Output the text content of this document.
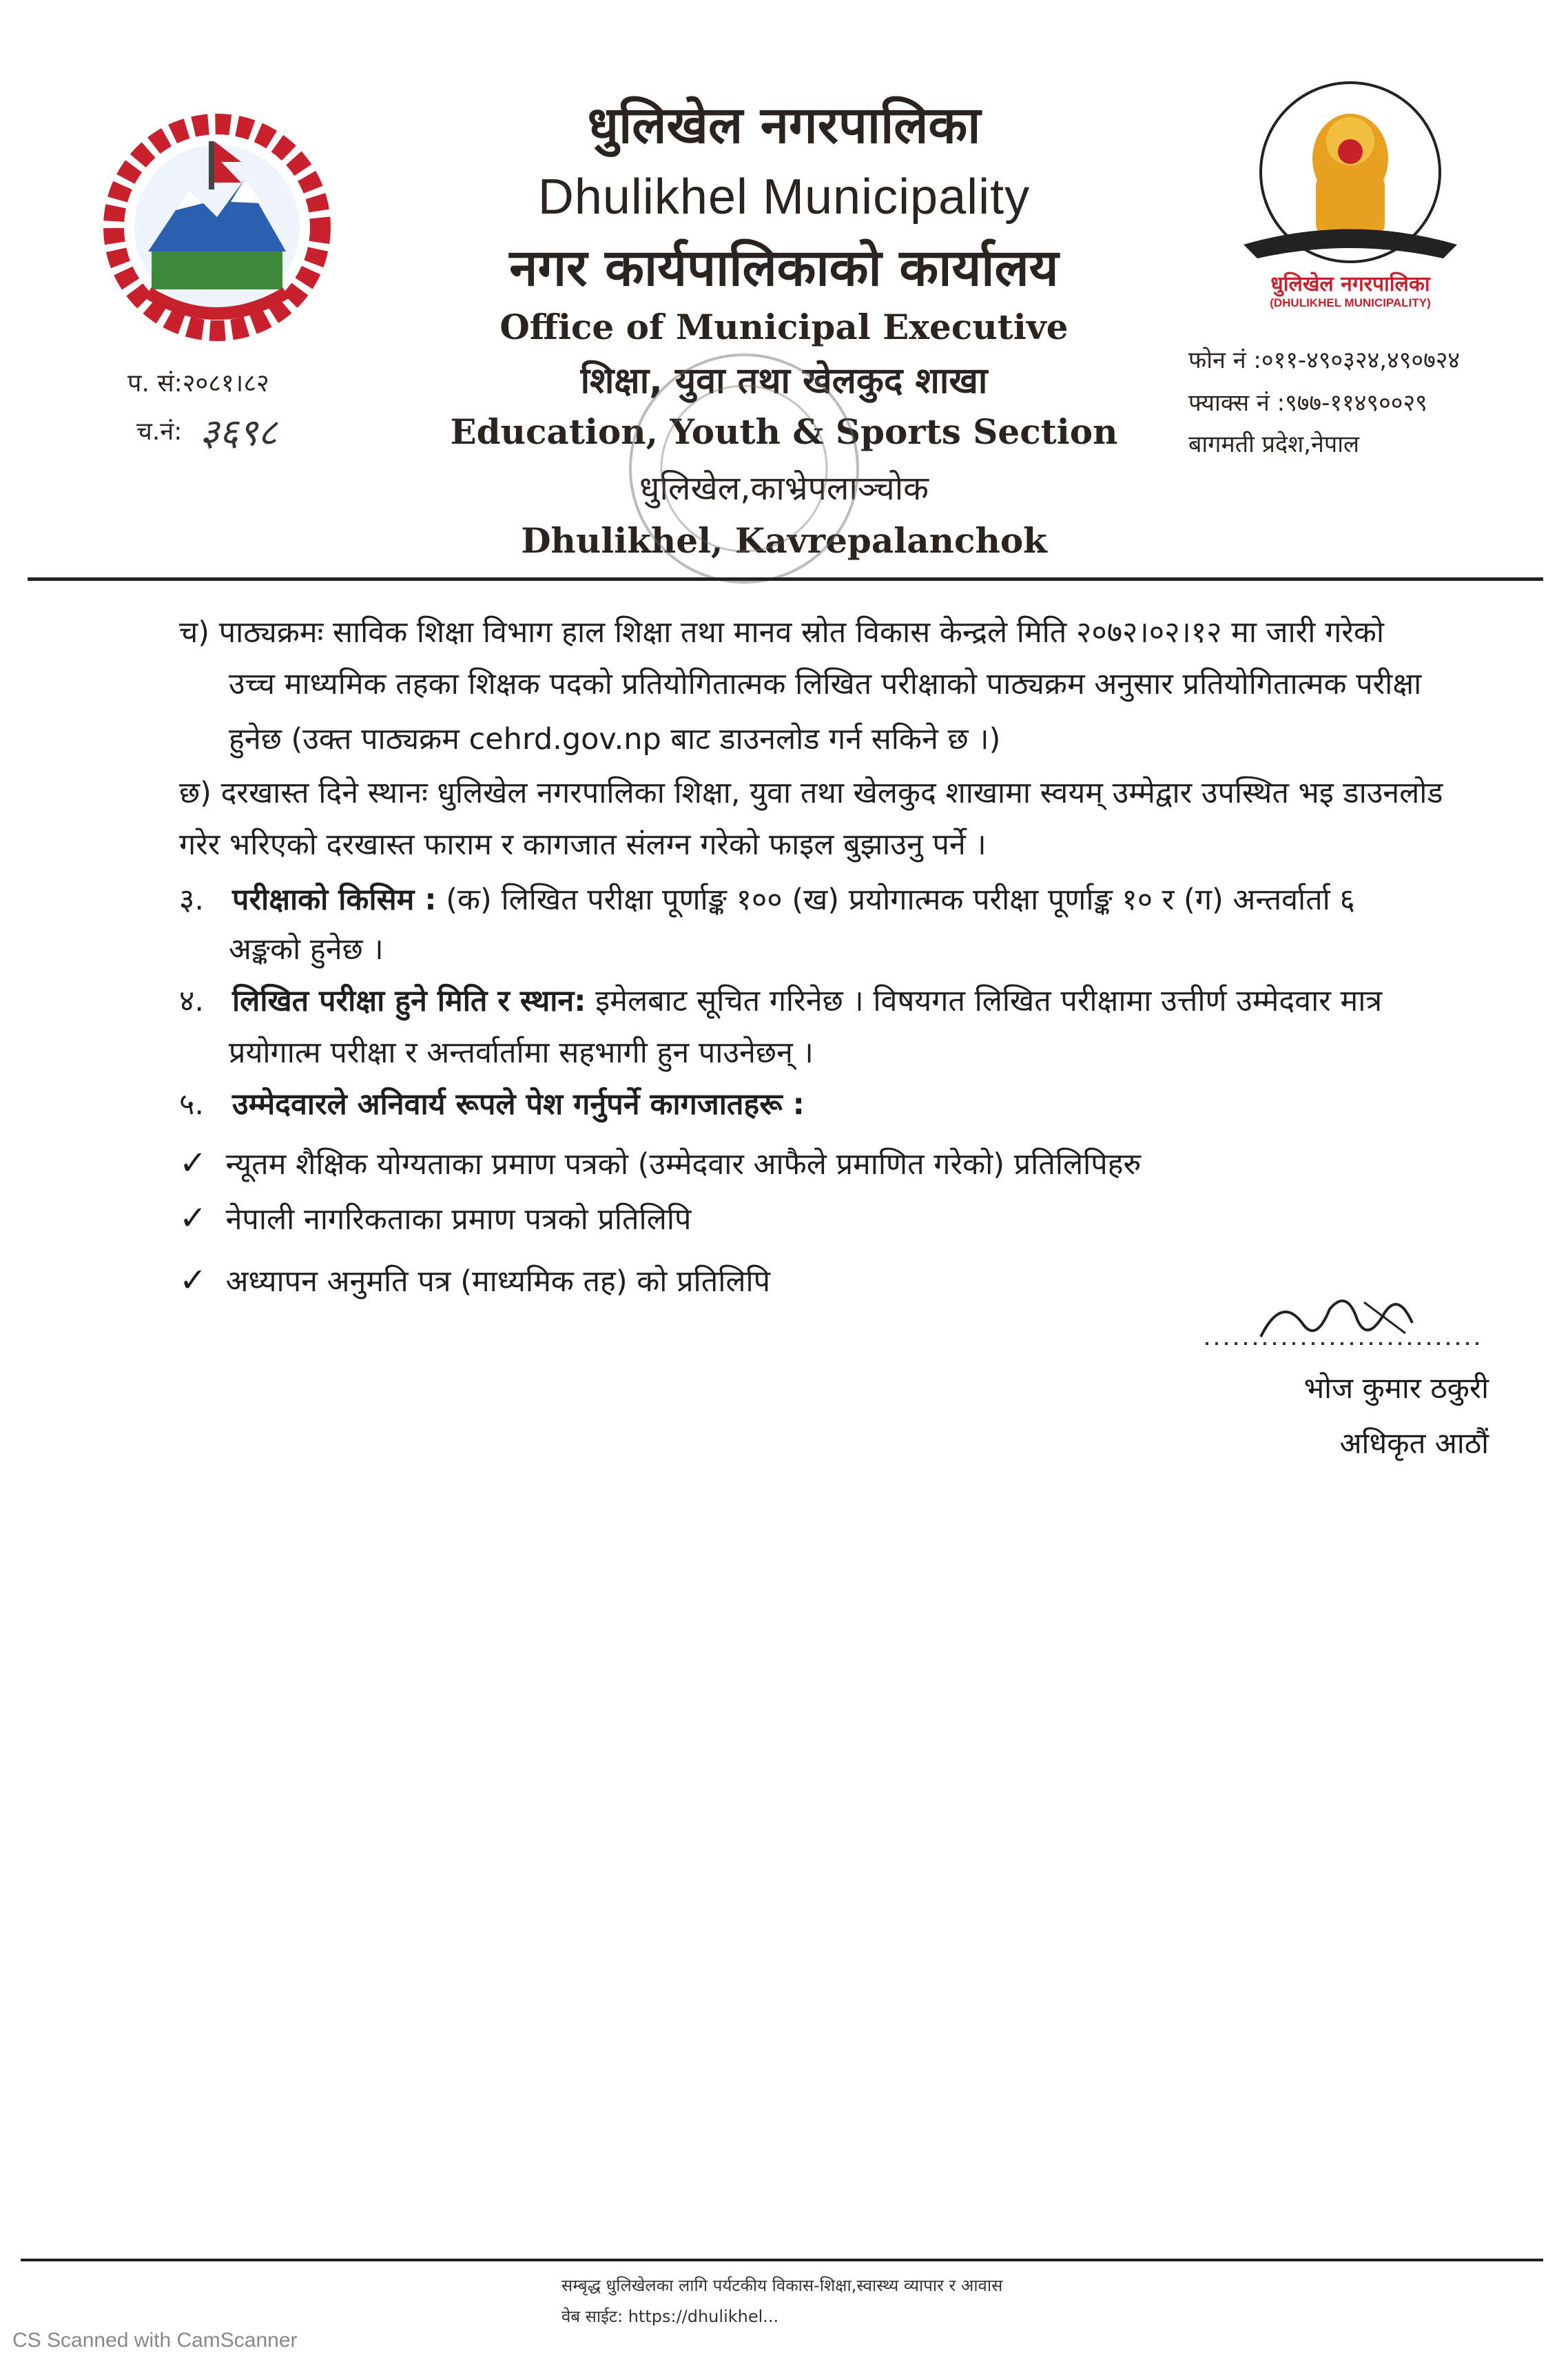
धुलिखेल नगरपालिका
(DHULIKHEL MUNICIPALITY)
धुलिखेल नगरपालिका
Dhulikhel Municipality
नगर कार्यपालिकाको कार्यालय
Office of Municipal Executive
शिक्षा, युवा तथा खेलकुद शाखा
Education, Youth & Sports Section
धुलिखेल,काभ्रेपलाञ्चोक
Dhulikhel, Kavrepalanchok
प. सं:२०८१।८२
च.नं: ३६९८
फोन नं :०११-४९०३२४,४९०७२४
फ्याक्स नं :९७७-११४९००२९
बागमती प्रदेश,नेपाल
च) पाठ्यक्रमः साविक शिक्षा विभाग हाल शिक्षा तथा मानव स्रोत विकास केन्द्रले मिति २०७२।०२।१२ मा जारी गरेको
उच्च माध्यमिक तहका शिक्षक पदको प्रतियोगितात्मक लिखित परीक्षाको पाठ्यक्रम अनुसार प्रतियोगितात्मक परीक्षा
हुनेछ (उक्त पाठ्यक्रम cehrd.gov.np बाट डाउनलोड गर्न सकिने छ ।)
छ) दरखास्त दिने स्थानः धुलिखेल नगरपालिका शिक्षा, युवा तथा खेलकुद शाखामा स्वयम् उम्मेद्वार उपस्थित भइ डाउनलोड
गरेर भरिएको दरखास्त फाराम र कागजात संलग्न गरेको फाइल बुझाउनु पर्ने ।
३. परीक्षाको किसिम : (क) लिखित परीक्षा पूर्णाङ्क १०० (ख) प्रयोगात्मक परीक्षा पूर्णाङ्क १० र (ग) अन्तर्वार्ता ६
अङ्कको हुनेछ ।
४. लिखित परीक्षा हुने मिति र स्थान: इमेलबाट सूचित गरिनेछ । विषयगत लिखित परीक्षामा उत्तीर्ण उम्मेदवार मात्र
प्रयोगात्म परीक्षा र अन्तर्वार्तामा सहभागी हुन पाउनेछन् ।
५. उम्मेदवारले अनिवार्य रूपले पेश गर्नुपर्ने कागजातहरू :
✓ न्यूतम शैक्षिक योग्यताका प्रमाण पत्रको (उम्मेदवार आफैले प्रमाणित गरेको) प्रतिलिपिहरु
✓ नेपाली नागरिकताका प्रमाण पत्रको प्रतिलिपि
✓ अध्यापन अनुमति पत्र (माध्यमिक तह) को प्रतिलिपि
भोज कुमार ठकुरी
अधिकृत आठौं
सम्बृद्ध धुलिखेलका लागि पर्यटकीय विकास-शिक्षा,स्वास्थ्य व्यापार र आवास
वेब साईट: https://dhulikhel...
CS Scanned with CamScanner
